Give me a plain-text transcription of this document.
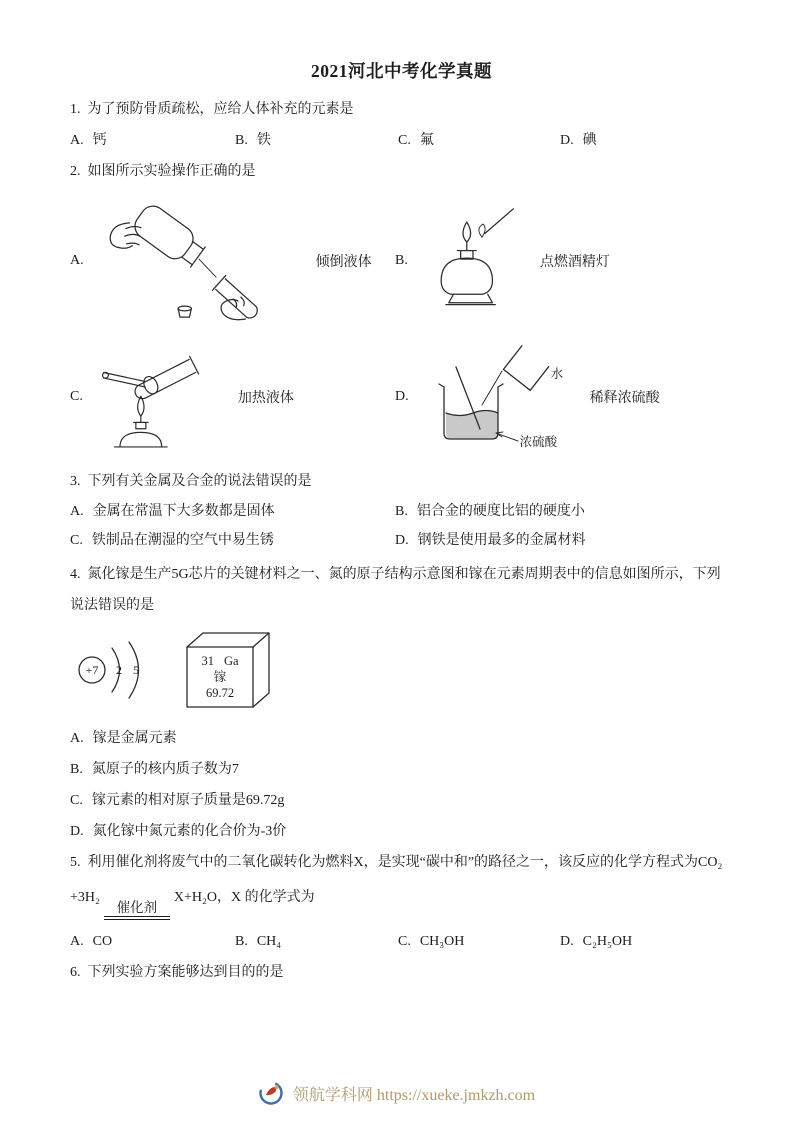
2021河北中考化学真题
1. 为了预防骨质疏松，应给人体补充的元素是
A. 钙	B. 铁	C. 氟	D. 碘
2. 如图所示实验操作正确的是
A.	倾倒液体 B.	点燃酒精灯
C.	加热液体	D.
水
浓硫酸
稀释浓硫酸
3. 下列有关金属及合金的说法错误的是
A. 金属在常温下大多数都是固体	B. 铝合金的硬度比铝的硬度小
C. 铁制品在潮湿的空气中易生锈	D. 钢铁是使用最多的金属材料
4. 氮化镓是生产5G芯片的关键材料之一、氮的原子结构示意图和镓在元素周期表中的信息如图所示，下列说法错误的是
+7 2 5
31 Ga
镓
69.72
A. 镓是金属元素
B. 氮原子的核内质子数为7
C. 镓元素的相对原子质量是69.72g
D. 氮化镓中氮元素的化合价为-3价
5. 利用催化剂将废气中的二氧化碳转化为燃料X，是实现“碳中和”的路径之一，该反应的化学方程式为CO₂
+3H₂
催化剂
X+H₂O，X 的化学式为
A. CO	B. CH₄	C. CH₃OH	D. C₂H₅OH
6. 下列实验方案能够达到目的的是
领航学科网 https://xueke.jmkzh.com
